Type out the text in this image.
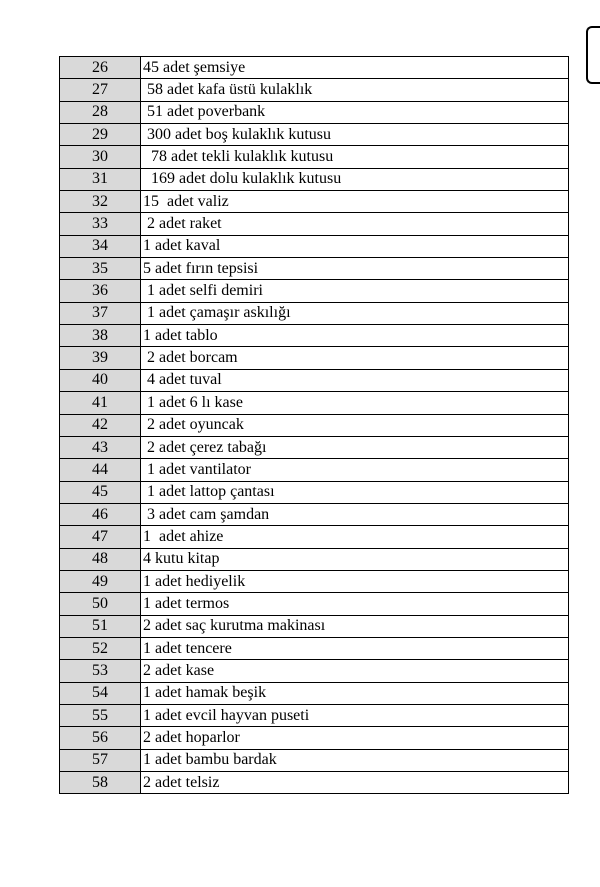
26	45 adet şemsiye
27	58 adet kafa üstü kulaklık
28	51 adet poverbank
29	300 adet boş kulaklık kutusu
30	78 adet tekli kulaklık kutusu
31	169 adet dolu kulaklık kutusu
32	15  adet valiz
33	2 adet raket
34	1 adet kaval
35	5 adet fırın tepsisi
36	1 adet selfi demiri
37	1 adet çamaşır askılığı
38	1 adet tablo
39	2 adet borcam
40	4 adet tuval
41	1 adet 6 lı kase
42	2 adet oyuncak
43	2 adet çerez tabağı
44	1 adet vantilator
45	1 adet lattop çantası
46	3 adet cam şamdan
47	1  adet ahize
48	4 kutu kitap
49	1 adet hediyelik
50	1 adet termos
51	2 adet saç kurutma makinası
52	1 adet tencere
53	2 adet kase
54	1 adet hamak beşik
55	1 adet evcil hayvan puseti
56	2 adet hoparlor
57	1 adet bambu bardak
58	2 adet telsiz
